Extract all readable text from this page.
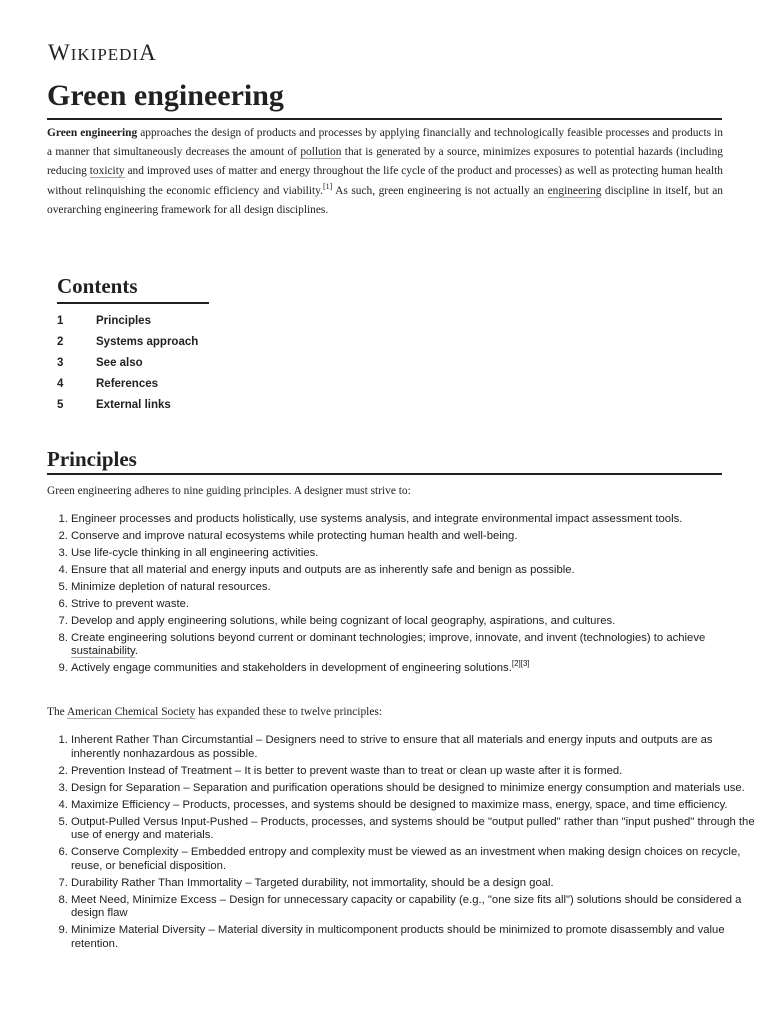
WIKIPEDIA
Green engineering

Green engineering approaches the design of products and processes by applying financially and technologically feasible processes and products in a manner that simultaneously decreases the amount of pollution that is generated by a source, minimizes exposures to potential hazards (including reducing toxicity and improved uses of matter and energy throughout the life cycle of the product and processes) as well as protecting human health without relinquishing the economic efficiency and viability.[1] As such, green engineering is not actually an engineering discipline in itself, but an overarching engineering framework for all design disciplines.

Contents
1	Principles
2	Systems approach
3	See also
4	References
5	External links
Principles

Green engineering adheres to nine guiding principles. A designer must strive to:

1. Engineer processes and products holistically, use systems analysis, and integrate environmental impact assessment tools.
2. Conserve and improve natural ecosystems while protecting human health and well-being.
3. Use life-cycle thinking in all engineering activities.
4. Ensure that all material and energy inputs and outputs are as inherently safe and benign as possible.
5. Minimize depletion of natural resources.
6. Strive to prevent waste.
7. Develop and apply engineering solutions, while being cognizant of local geography, aspirations, and cultures.
8. Create engineering solutions beyond current or dominant technologies; improve, innovate, and invent (technologies) to achieve sustainability.
9. Actively engage communities and stakeholders in development of engineering solutions.[2][3]

The American Chemical Society has expanded these to twelve principles:

1. Inherent Rather Than Circumstantial – Designers need to strive to ensure that all materials and energy inputs and outputs are as inherently nonhazardous as possible.
2. Prevention Instead of Treatment – It is better to prevent waste than to treat or clean up waste after it is formed.
3. Design for Separation – Separation and purification operations should be designed to minimize energy consumption and materials use.
4. Maximize Efficiency – Products, processes, and systems should be designed to maximize mass, energy, space, and time efficiency.
5. Output-Pulled Versus Input-Pushed – Products, processes, and systems should be "output pulled" rather than "input pushed" through the use of energy and materials.
6. Conserve Complexity – Embedded entropy and complexity must be viewed as an investment when making design choices on recycle, reuse, or beneficial disposition.
7. Durability Rather Than Immortality – Targeted durability, not immortality, should be a design goal.
8. Meet Need, Minimize Excess – Design for unnecessary capacity or capability (e.g., "one size fits all") solutions should be considered a design flaw
9. Minimize Material Diversity – Material diversity in multicomponent products should be minimized to promote disassembly and value retention.
